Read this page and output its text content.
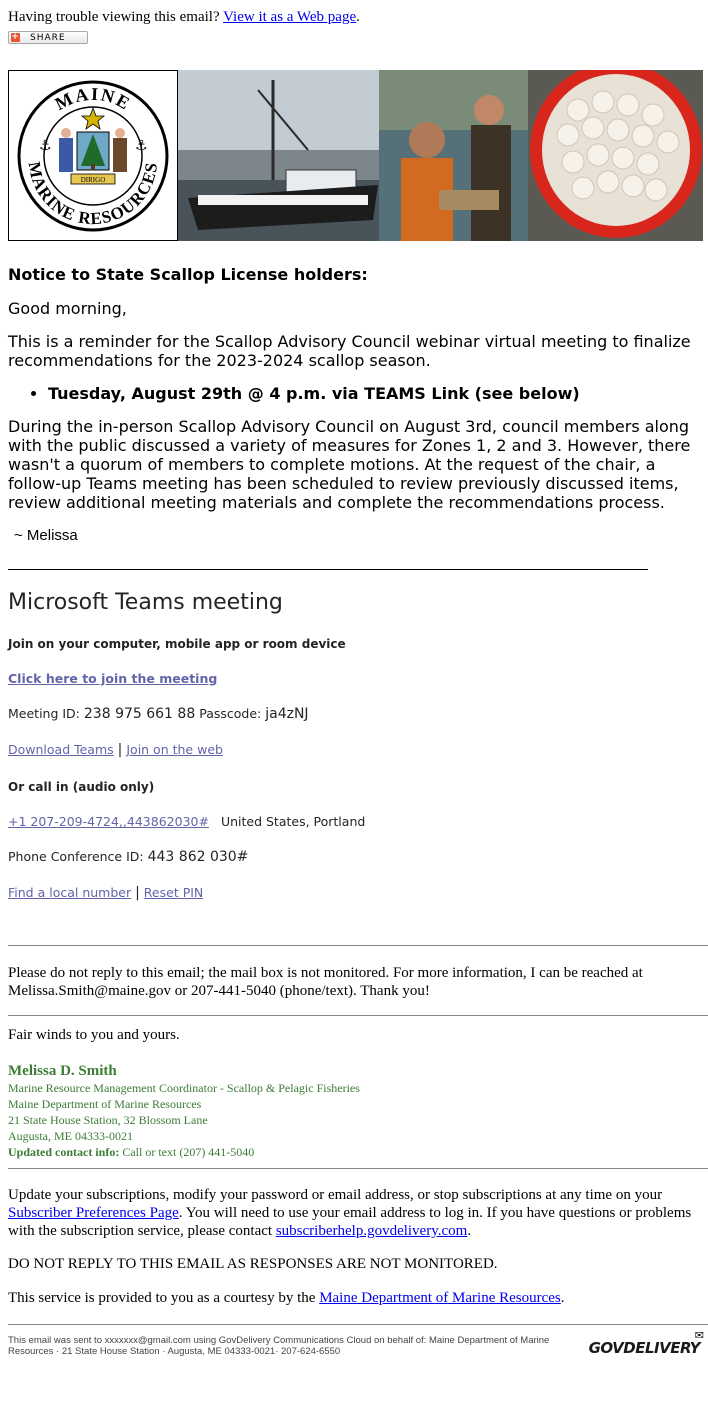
Having trouble viewing this email? View it as a Web page.
+ SHARE
MAINE
MARINE RESOURCES
DIRIGO
⚓	⚓
Notice to State Scallop License holders:

Good morning,

This is a reminder for the Scallop Advisory Council webinar virtual meeting to finalize recommendations for the 2023-2024 scallop season.

• Tuesday, August 29th @ 4 p.m. via TEAMS Link (see below)

During the in-person Scallop Advisory Council on August 3rd, council members along with the public discussed a variety of measures for Zones 1, 2 and 3. However, there wasn't a quorum of members to complete motions. At the request of the chair, a follow-up Teams meeting has been scheduled to review previously discussed items, review additional meeting materials and complete the recommendations process.

~ Melissa
Microsoft Teams meeting
Join on your computer, mobile app or room device
Click here to join the meeting
Meeting ID: 238 975 661 88 Passcode: ja4zNJ
Download Teams | Join on the web
Or call in (audio only)
+1 207-209-4724,,443862030# United States, Portland
Phone Conference ID: 443 862 030#
Find a local number | Reset PIN
Please do not reply to this email; the mail box is not monitored. For more information, I can be reached at Melissa.Smith@maine.gov or 207-441-5040 (phone/text). Thank you!
Fair winds to you and yours.
Melissa D. Smith
Marine Resource Management Coordinator - Scallop & Pelagic Fisheries
Maine Department of Marine Resources
21 State House Station, 32 Blossom Lane
Augusta, ME 04333-0021
Updated contact info: Call or text (207) 441-5040
Update your subscriptions, modify your password or email address, or stop subscriptions at any time on your Subscriber Preferences Page. You will need to use your email address to log in. If you have questions or problems with the subscription service, please contact subscriberhelp.govdelivery.com.
DO NOT REPLY TO THIS EMAIL AS RESPONSES ARE NOT MONITORED.
This service is provided to you as a courtesy by the Maine Department of Marine Resources.
This email was sent to xxxxxxx@gmail.com using GovDelivery Communications Cloud on behalf of: Maine Department of Marine
Resources · 21 State House Station · Augusta, ME 04333-0021· 207-624-6550	GOVDELIVERY
✉
